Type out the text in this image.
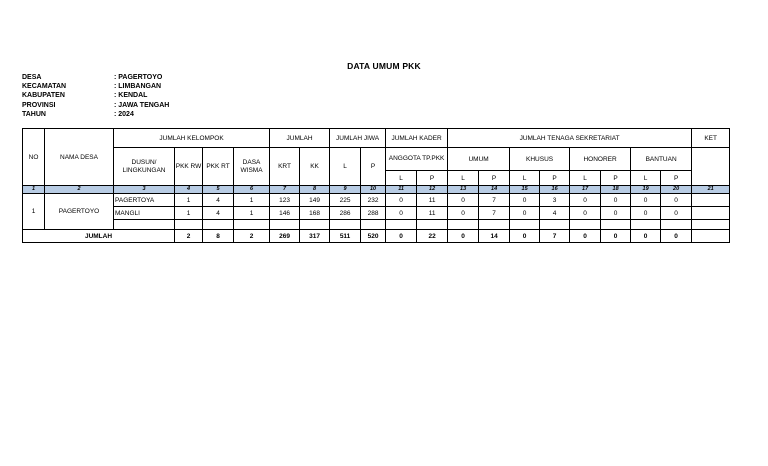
DATA UMUM PKK
DESA	: PAGERTOYO
KECAMATAN	: LIMBANGAN
KABUPATEN	: KENDAL
PROVINSI	: JAWA TENGAH
TAHUN	: 2024
NO	NAMA DESA	JUMLAH KELOMPOK				JUMLAH		JUMLAH JIWA		JUMLAH KADER		JUMLAH TENAGA SEKRETARIAT								KET
		DUSUN/ LINGKUNGAN	PKK RW	PKK RT	DASA WISMA	KRT	KK	L	P	ANGGOTA TP.PKK		UMUM		KHUSUS		HONORER		BANTUAN		
										L	P	L	P	L	P	L	P	L	P	
1	2	3	4	5	6	7	8	9	10	11	12	13	14	15	16	17	18	19	20	21
1	PAGERTOYO	PAGERTOYA	1	4	1	123	149	225	232	0	11	0	7	0	3	0	0	0	0	
		MANGLI	1	4	1	146	168	286	288	0	11	0	7	0	4	0	0	0	0	

JUMLAH			2	8	2	269	317	511	520	0	22	0	14	0	7	0	0	0	0	
